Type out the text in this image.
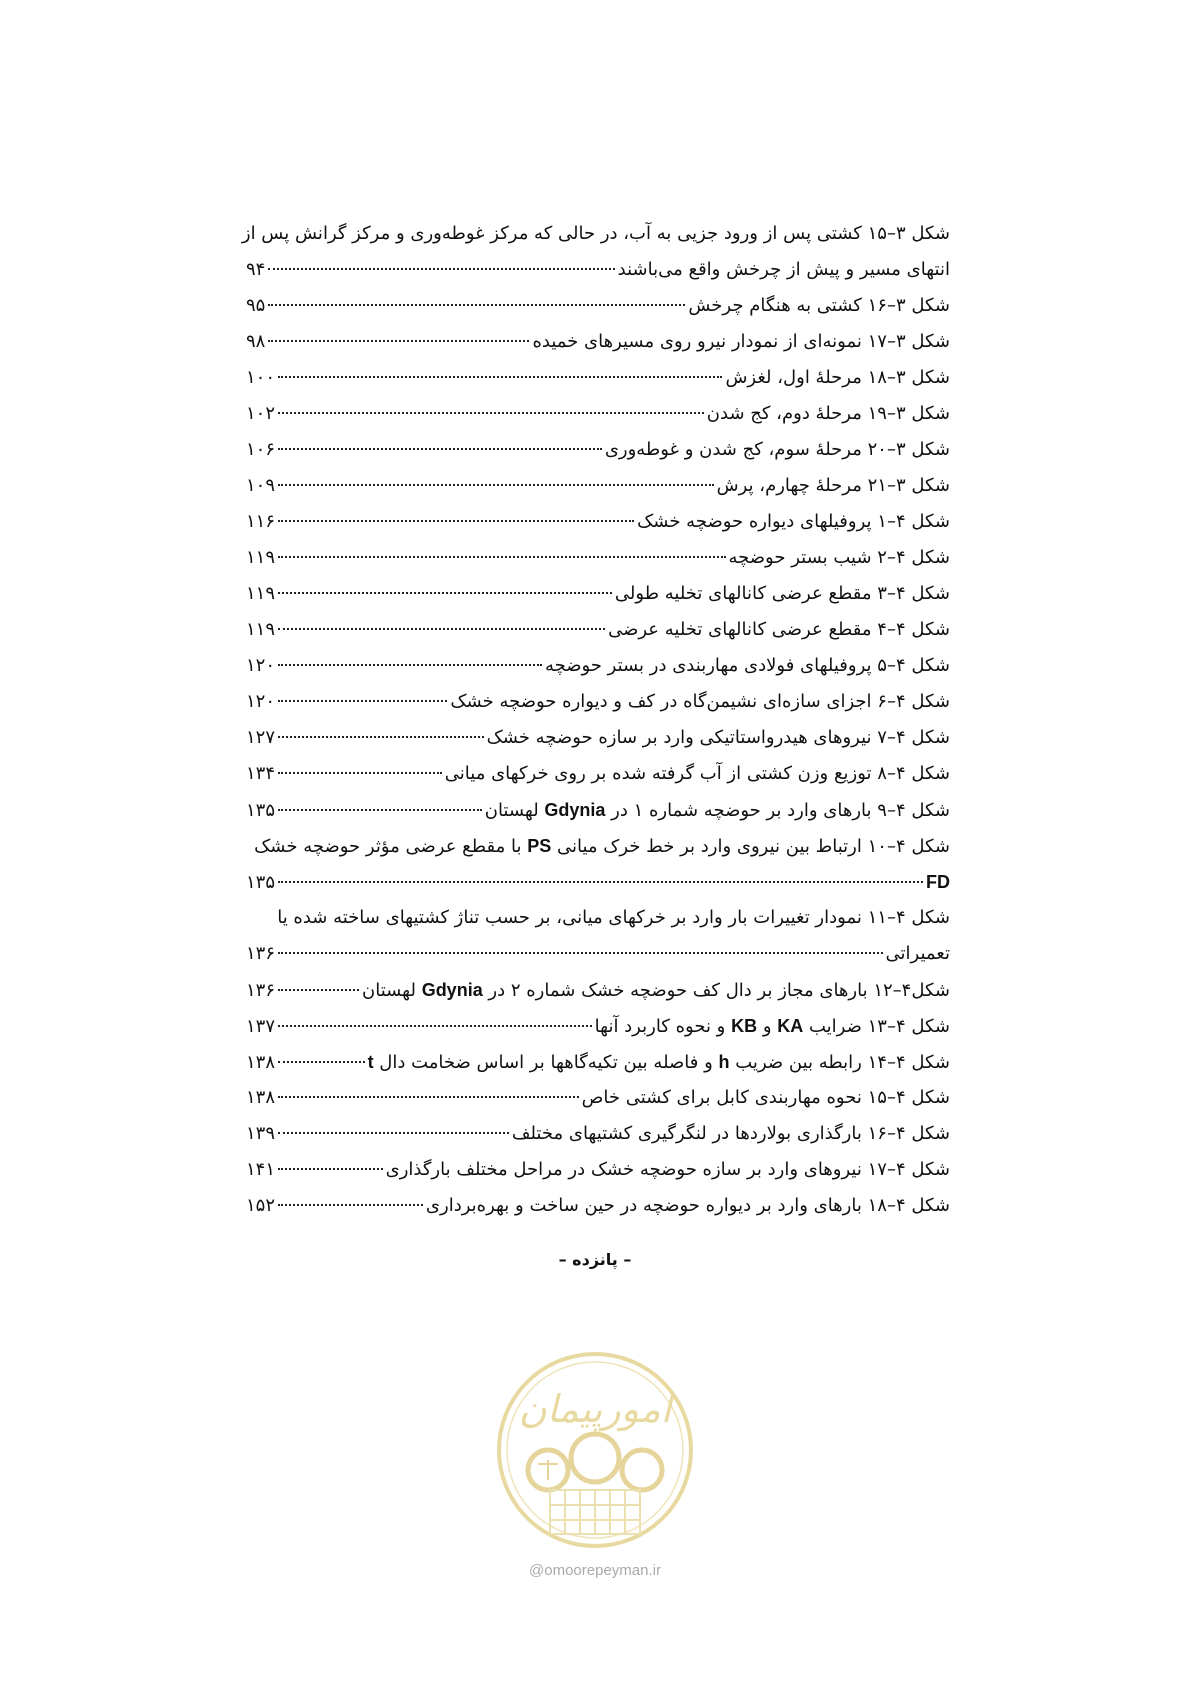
شکل ۳–۱۵ کشتی پس از ورود جزیی به آب، در حالی که مرکز غوطه‌وری و مرکز گرانش پس از
انتهای مسیر و پیش از چرخش واقع می‌باشند
۹۴
شکل ۳–۱۶ کشتی به هنگام چرخش
۹۵
شکل ۳–۱۷ نمونه‌ای از نمودار نیرو روی مسیرهای خمیده
۹۸
شکل ۳–۱۸ مرحلهٔ اول، لغزش
۱۰۰
شکل ۳–۱۹ مرحلهٔ دوم، کج شدن
۱۰۲
شکل ۳–۲۰ مرحلهٔ سوم، کج شدن و غوطه‌وری
۱۰۶
شکل ۳–۲۱ مرحلهٔ چهارم، پرش
۱۰۹
شکل ۴–۱ پروفیلهای دیواره حوضچه خشک
۱۱۶
شکل ۴–۲ شیب بستر حوضچه
۱۱۹
شکل ۴–۳ مقطع عرضی کانالهای تخلیه طولی
۱۱۹
شکل ۴–۴ مقطع عرضی کانالهای تخلیه عرضی
۱۱۹
شکل ۴–۵ پروفیلهای فولادی مهاربندی در بستر حوضچه
۱۲۰
شکل ۴–۶ اجزای سازه‌ای نشیمن‌گاه در کف و دیواره حوضچه خشک
۱۲۰
شکل ۴–۷ نیروهای هیدرواستاتیکی وارد بر سازه حوضچه خشک
۱۲۷
شکل ۴–۸ توزیع وزن کشتی از آب گرفته شده بر روی خرکهای میانی
۱۳۴
شکل ۴–۹ بارهای وارد بر حوضچه شماره ۱ در Gdynia لهستان
۱۳۵
شکل ۴–۱۰ ارتباط بین نیروی وارد بر خط خرک میانی PS با مقطع عرضی مؤثر حوضچه خشک
FD
۱۳۵
شکل ۴–۱۱ نمودار تغییرات بار وارد بر خرکهای میانی، بر حسب تناژ کشتیهای ساخته شده یا
تعمیراتی
۱۳۶
شکل۴–۱۲ بارهای مجاز بر دال کف حوضچه خشک شماره ۲ در Gdynia لهستان
۱۳۶
شکل ۴–۱۳ ضرایب KA و KB و نحوه کاربرد آنها
۱۳۷
شکل ۴–۱۴ رابطه بین ضریب h و فاصله بین تکیه‌گاهها بر اساس ضخامت دال t
۱۳۸
شکل ۴–۱۵ نحوه مهاربندی کابل برای کشتی خاص
۱۳۸
شکل ۴–۱۶ بارگذاری بولاردها در لنگرگیری کشتیهای مختلف
۱۳۹
شکل ۴–۱۷ نیروهای وارد بر سازه حوضچه خشک در مراحل مختلف بارگذاری
۱۴۱
شکل ۴–۱۸ بارهای وارد بر دیواره حوضچه در حین ساخت و بهره‌برداری
۱۵۲
– پانزده –
امورپیمان
@omoorepeyman.ir
